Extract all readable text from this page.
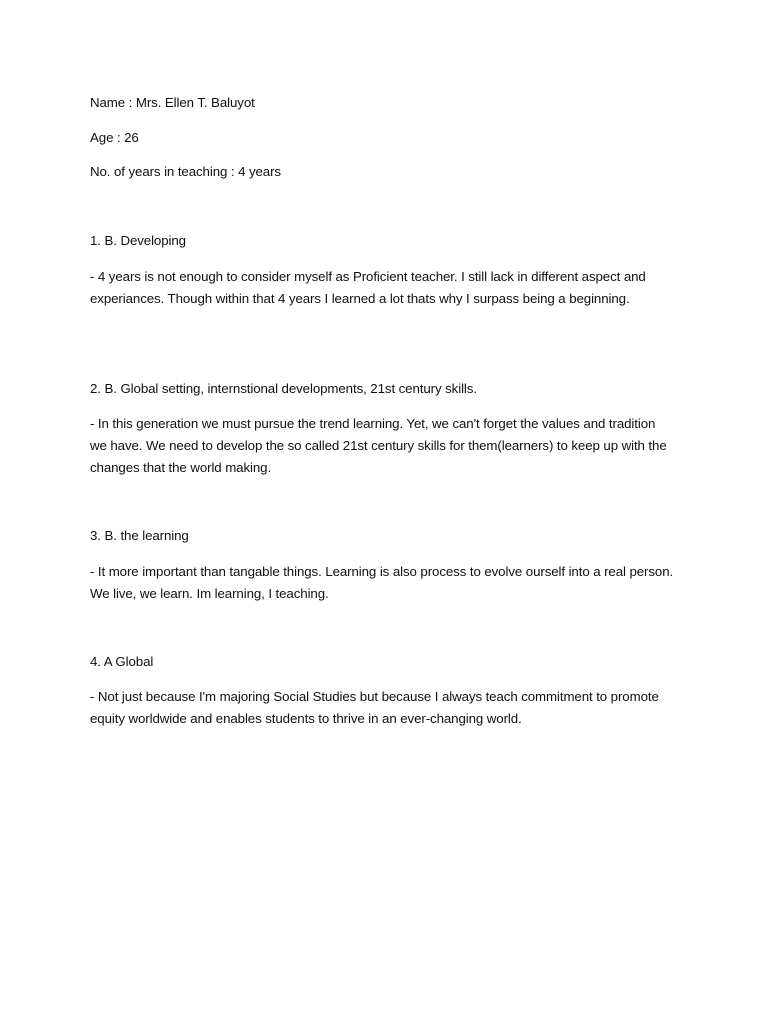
Name : Mrs. Ellen T. Baluyot
Age : 26
No. of years in teaching : 4 years
1. B. Developing
- 4 years is not enough to consider myself as Proficient teacher. I still lack in different aspect and experiances. Though within that 4 years I learned a lot thats why I surpass being a beginning.
2. B. Global setting, internstional developments, 21st century skills.
- In this generation we must pursue the trend learning. Yet, we can't forget the values and tradition we have. We need to develop the so called 21st century skills for them(learners) to keep up with the changes that the world making.
3. B. the learning
- It more important than tangable things. Learning is also process to evolve ourself into a real person. We live, we learn. Im learning, I teaching.
4. A Global
- Not just because I'm majoring Social Studies but because I always teach commitment to promote equity worldwide and enables students to thrive in an ever-changing world.
